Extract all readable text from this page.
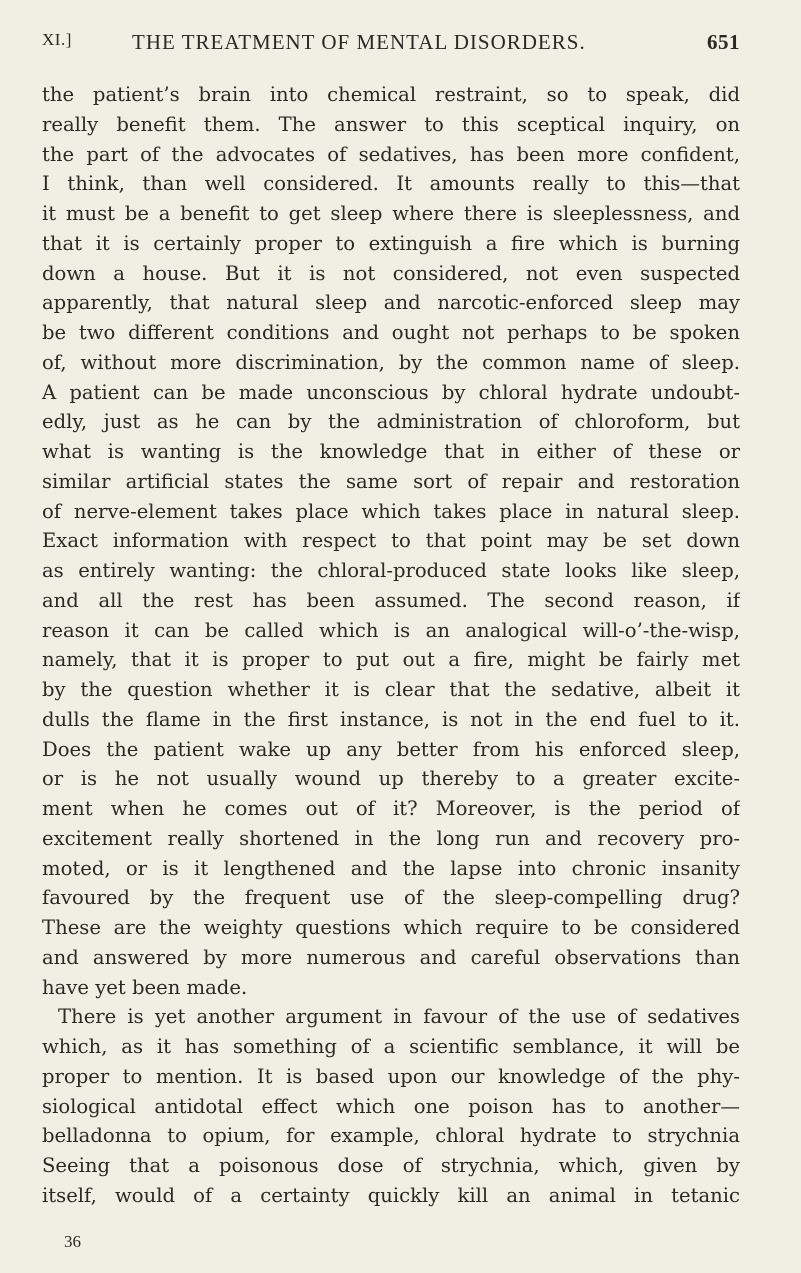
XI.]	THE TREATMENT OF MENTAL DISORDERS.	651
the patient’s brain into chemical restraint, so to speak, did
really benefit them. The answer to this sceptical inquiry, on
the part of the advocates of sedatives, has been more confident,
I think, than well considered. It amounts really to this—that
it must be a benefit to get sleep where there is sleeplessness, and
that it is certainly proper to extinguish a fire which is burning
down a house. But it is not considered, not even suspected
apparently, that natural sleep and narcotic-enforced sleep may
be two different conditions and ought not perhaps to be spoken
of, without more discrimination, by the common name of sleep.
A patient can be made unconscious by chloral hydrate undoubt-
edly, just as he can by the administration of chloroform, but
what is wanting is the knowledge that in either of these or
similar artificial states the same sort of repair and restoration
of nerve-element takes place which takes place in natural sleep.
Exact information with respect to that point may be set down
as entirely wanting: the chloral-produced state looks like sleep,
and all the rest has been assumed. The second reason, if
reason it can be called which is an analogical will-o’-the-wisp,
namely, that it is proper to put out a fire, might be fairly met
by the question whether it is clear that the sedative, albeit it
dulls the flame in the first instance, is not in the end fuel to it.
Does the patient wake up any better from his enforced sleep,
or is he not usually wound up thereby to a greater excite-
ment when he comes out of it? Moreover, is the period of
excitement really shortened in the long run and recovery pro-
moted, or is it lengthened and the lapse into chronic insanity
favoured by the frequent use of the sleep-compelling drug?
These are the weighty questions which require to be considered
and answered by more numerous and careful observations than
have yet been made.
There is yet another argument in favour of the use of sedatives
which, as it has something of a scientific semblance, it will be
proper to mention. It is based upon our knowledge of the phy-
siological antidotal effect which one poison has to another—
belladonna to opium, for example, chloral hydrate to strychnia
Seeing that a poisonous dose of strychnia, which, given by
itself, would of a certainty quickly kill an animal in tetanic
36
